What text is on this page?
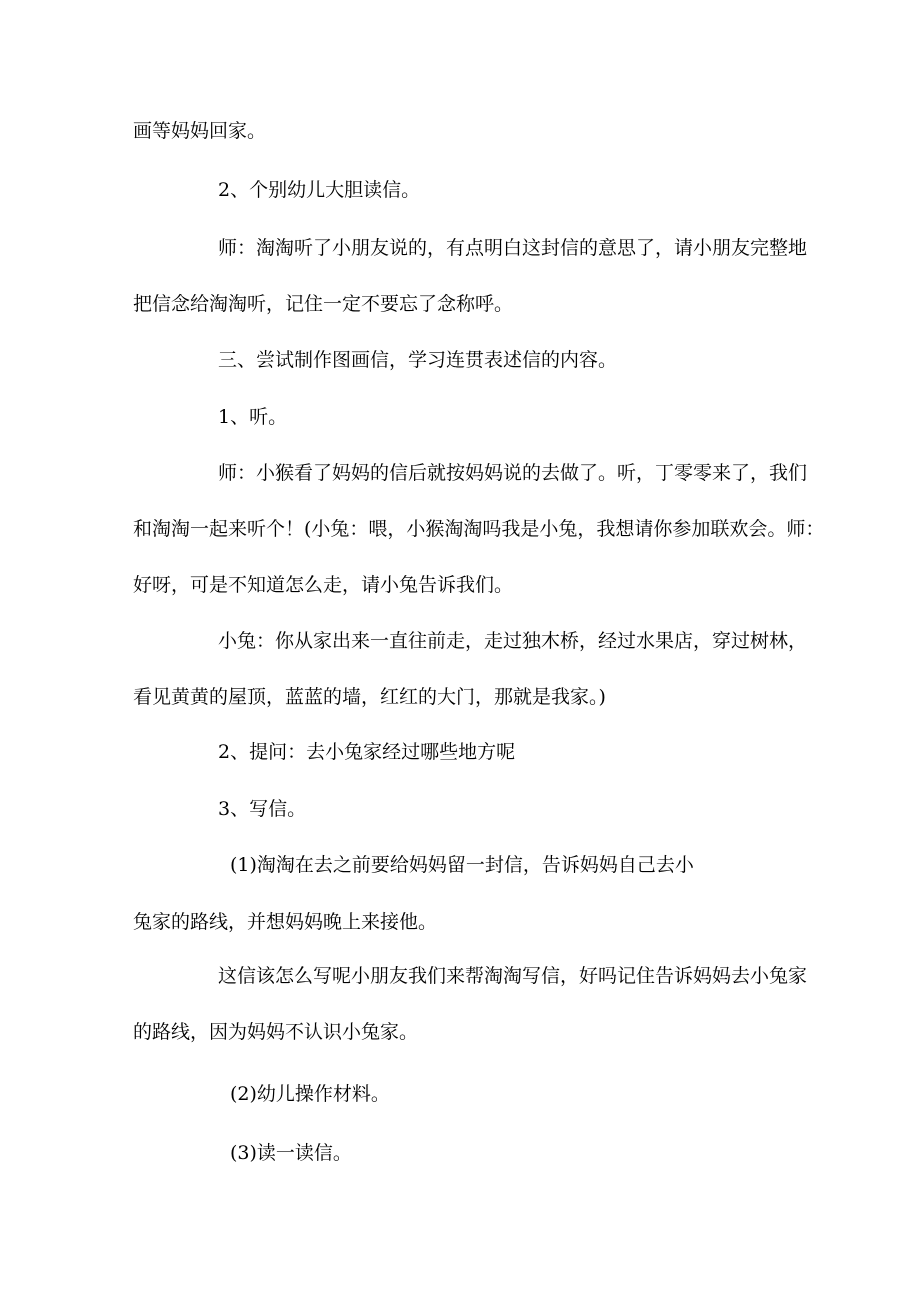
画等妈妈回家。

2、个别幼儿大胆读信。

师：淘淘听了小朋友说的，有点明白这封信的意思了，请小朋友完整地

把信念给淘淘听，记住一定不要忘了念称呼。

三、尝试制作图画信，学习连贯表述信的内容。

1、听。

师：小猴看了妈妈的信后就按妈妈说的去做了。听，丁零零来了，我们

和淘淘一起来听个！(小兔：喂，小猴淘淘吗我是小兔，我想请你参加联欢会。师：

好呀，可是不知道怎么走，请小兔告诉我们。

小兔：你从家出来一直往前走，走过独木桥，经过水果店，穿过树林，

看见黄黄的屋顶，蓝蓝的墙，红红的大门，那就是我家。)

2、提问：去小兔家经过哪些地方呢

3、写信。

(1)淘淘在去之前要给妈妈留一封信，告诉妈妈自己去小

兔家的路线，并想妈妈晚上来接他。

这信该怎么写呢小朋友我们来帮淘淘写信，好吗记住告诉妈妈去小兔家

的路线，因为妈妈不认识小兔家。

(2)幼儿操作材料。

(3)读一读信。
